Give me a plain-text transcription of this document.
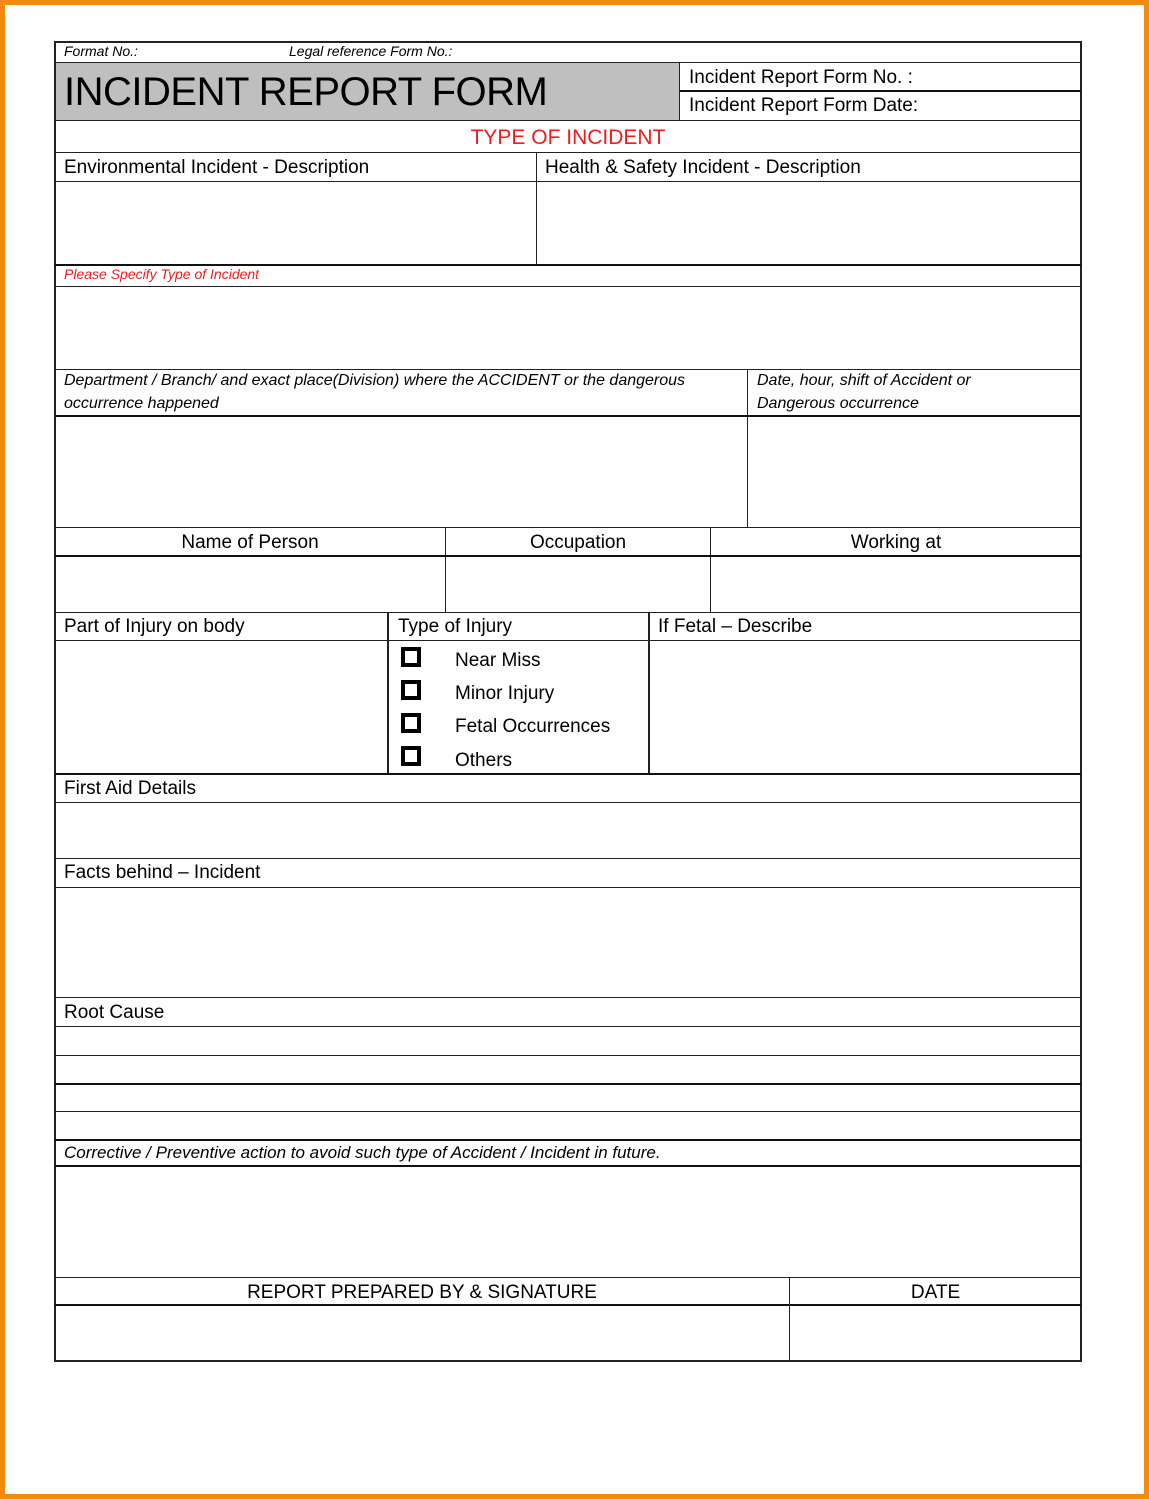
Format No.:	Legal reference Form No.:
INCIDENT REPORT FORM	Incident Report Form No. :
Incident Report Form Date:
TYPE OF INCIDENT
Environmental Incident - Description	Health & Safety Incident - Description
Please Specify Type of Incident
Department / Branch/ and exact place(Division) where the ACCIDENT or the dangerous
occurrence happened
Date, hour, shift of Accident or
Dangerous occurrence
Name of Person	Occupation	Working at
Part of Injury on body	Type of Injury	If Fetal – Describe
Near Miss
Minor Injury
Fetal Occurrences
Others
First Aid Details
Facts behind – Incident
Root Cause
Corrective / Preventive action to avoid such type of Accident / Incident in future.
REPORT PREPARED BY & SIGNATURE	DATE
